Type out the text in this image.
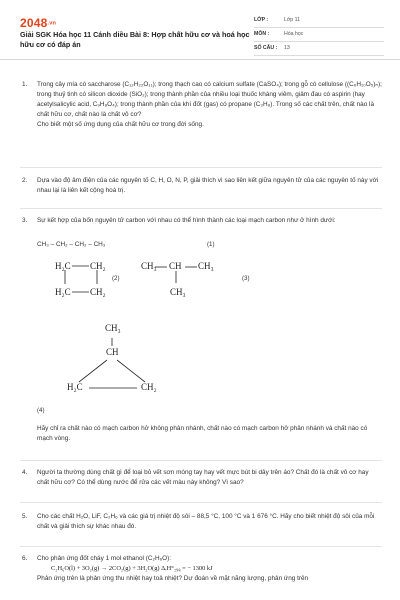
2048.vn
Giải SGK Hóa học 11 Cánh diều Bài 8: Hợp chất hữu cơ và hoá học hữu cơ có đáp án
LỚP :	Lớp 11
MÔN :	Hóa học
SỐ CÂU :	13
1.	Trong cây mía có saccharose (C₁₂H₂₂O₁₁); trong thạch cao có calcium sulfate (CaSO₄); trong gỗ có cellulose ((C₆H₁₀O₅)ₙ); trong thuỷ tinh có silicon dioxide (SiO₂); trong thành phần của nhiều loại thuốc kháng viêm, giảm đau có aspirin (hay acetylsalicylic acid, C₉H₈O₄); trong thành phần của khí đốt (gas) có propane (C₃H₈). Trong số các chất trên, chất nào là chất hữu cơ, chất nào là chất vô cơ?

Cho biết một số ứng dụng của chất hữu cơ trong đời sống.

2.	Dựa vào độ âm điện của các nguyên tố C, H, O, N, P, giải thích vì sao liên kết giữa nguyên tử của các nguyên tố này với nhau lại là liên kết cộng hoá trị.

3.	Sự kết hợp của bốn nguyên tử carbon với nhau có thể hình thành các loại mạch carbon như ở hình dưới:

CH₃ – CH₂ – CH₂ – CH₃	(1)
H₂C CH₂
H₂C CH₂
(2)
CH₃ CH CH₃
CH₃
(3)
CH₃
CH
H₂C	CH₂
(4)

Hãy chỉ ra chất nào có mạch carbon hở không phân nhánh, chất nào có mạch carbon hở phân nhánh và chất nào có mạch vòng.

4.	Người ta thường dùng chất gì để loại bỏ vết sơn móng tay hay vết mực bút bi dây trên áo? Chất đó là chất vô cơ hay chất hữu cơ? Có thể dùng nước để rửa các vết màu này không? Vì sao?

5.	Cho các chất H₂O, LiF, C₂H₆ và các giá trị nhiệt độ sôi – 88,5 °C, 100 °C và 1 676 °C. Hãy cho biết nhiệt độ sôi của mỗi chất và giải thích sự khác nhau đó.

6.	Cho phản ứng đốt cháy 1 mol ethanol (C₂H₆O):

C₂H₆O(l) + 3O₂(g) → 2CO₂(g) + 3H₂O(g) ΔᵣH°₂₉₈ = − 1300 kJ

Phản ứng trên là phản ứng thu nhiệt hay toả nhiệt? Dự đoán về mặt năng lượng, phản ứng trên
